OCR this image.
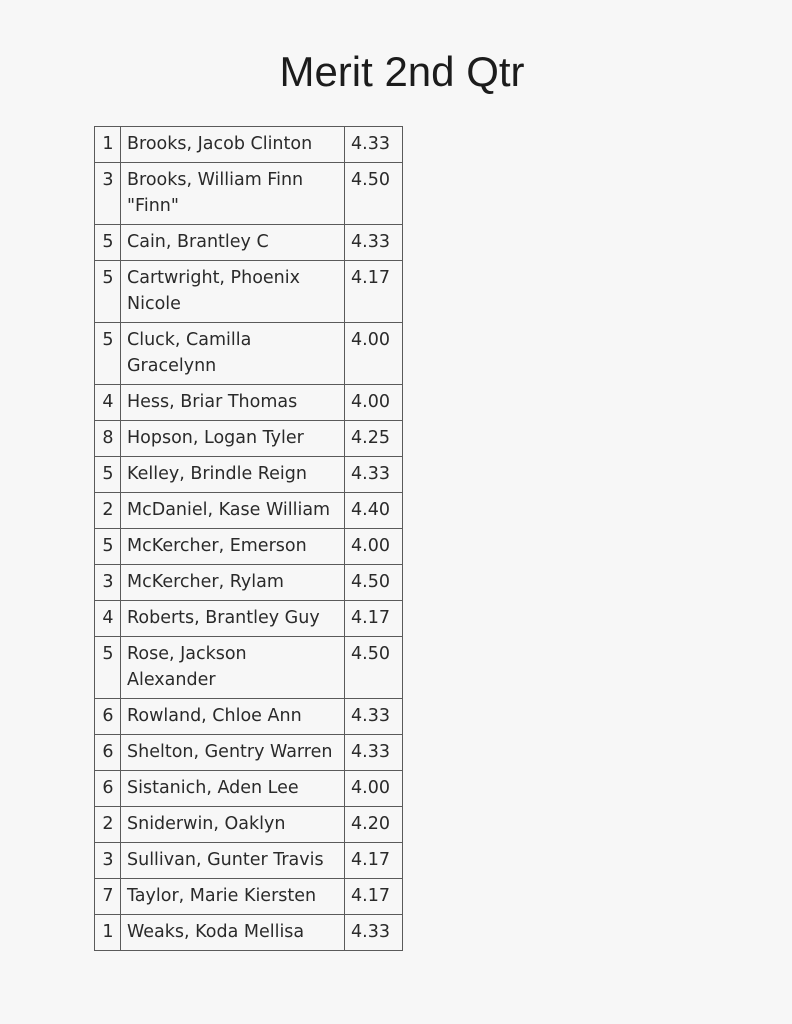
Merit 2nd Qtr
1	Brooks, Jacob Clinton	4.33
3	Brooks, William Finn "Finn"	4.50
5	Cain, Brantley C	4.33
5	Cartwright, Phoenix Nicole	4.17
5	Cluck, Camilla Gracelynn	4.00
4	Hess, Briar Thomas	4.00
8	Hopson, Logan Tyler	4.25
5	Kelley, Brindle Reign	4.33
2	McDaniel, Kase William	4.40
5	McKercher, Emerson	4.00
3	McKercher, Rylam	4.50
4	Roberts, Brantley Guy	4.17
5	Rose, Jackson Alexander	4.50
6	Rowland, Chloe Ann	4.33
6	Shelton, Gentry Warren	4.33
6	Sistanich, Aden Lee	4.00
2	Sniderwin, Oaklyn	4.20
3	Sullivan, Gunter Travis	4.17
7	Taylor, Marie Kiersten	4.17
1	Weaks, Koda Mellisa	4.33
